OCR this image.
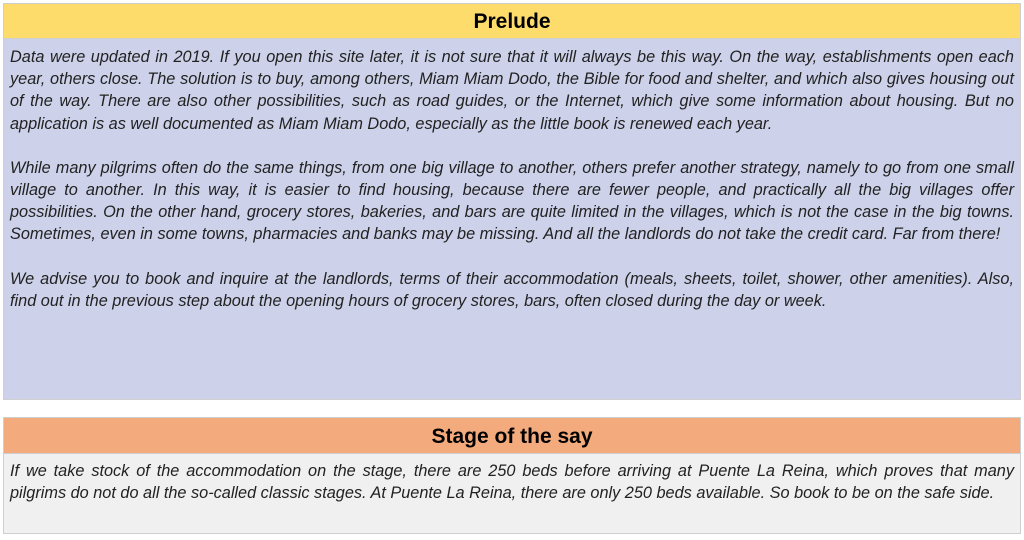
Prelude

Data were updated in 2019. If you open this site later, it is not sure that it will always be this way. On the way, establishments open each year, others close. The solution is to buy, among others, Miam Miam Dodo, the Bible for food and shelter, and which also gives housing out of the way. There are also other possibilities, such as road guides, or the Internet, which give some information about housing. But no application is as well documented as Miam Miam Dodo, especially as the little book is renewed each year.

While many pilgrims often do the same things, from one big village to another, others prefer another strategy, namely to go from one small village to another. In this way, it is easier to find housing, because there are fewer people, and practically all the big villages offer possibilities. On the other hand, grocery stores, bakeries, and bars are quite limited in the villages, which is not the case in the big towns. Sometimes, even in some towns, pharmacies and banks may be missing. And all the landlords do not take the credit card. Far from there!

We advise you to book and inquire at the landlords, terms of their accommodation (meals, sheets, toilet, shower, other amenities). Also, find out in the previous step about the opening hours of grocery stores, bars, often closed during the day or week.

Stage of the say

If we take stock of the accommodation on the stage, there are 250 beds before arriving at Puente La Reina, which proves that many pilgrims do not do all the so-called classic stages. At Puente La Reina, there are only 250 beds available. So book to be on the safe side.
